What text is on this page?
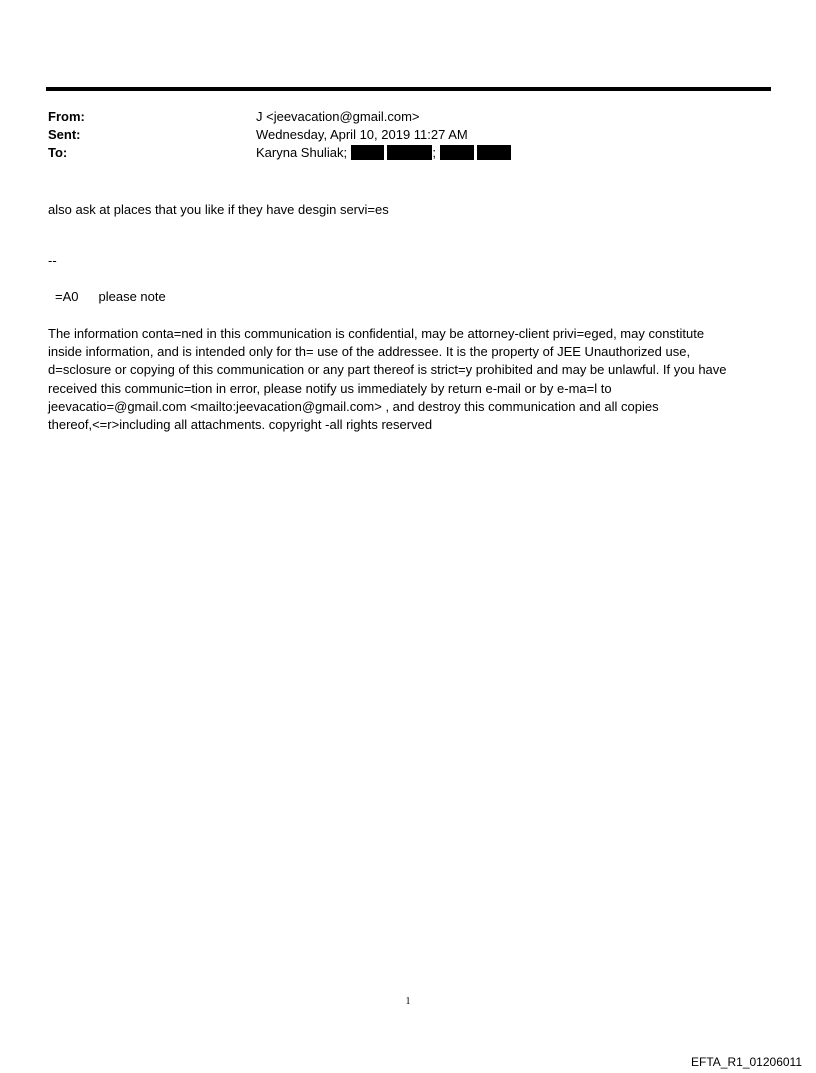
From:	J <jeevacation@gmail.com>
Sent:	Wednesday, April 10, 2019 11:27 AM
To:	Karyna Shuliak;	;
also ask at places that you like if they have desgin servi=es
--
=A0 please note
The information conta=ned in this communication is confidential, may be attorney-client privi=eged, may constitute
inside information, and is intended only for th= use of the addressee. It is the property of JEE Unauthorized use,
d=sclosure or copying of this communication or any part thereof is strict=y prohibited and may be unlawful. If you have
received this communic=tion in error, please notify us immediately by return e-mail or by e-ma=l to
jeevacatio=@gmail.com <mailto:jeevacation@gmail.com> , and destroy this communication and all copies
thereof,<=r>including all attachments. copyright -all rights reserved
1
EFTA_R1_01206011
